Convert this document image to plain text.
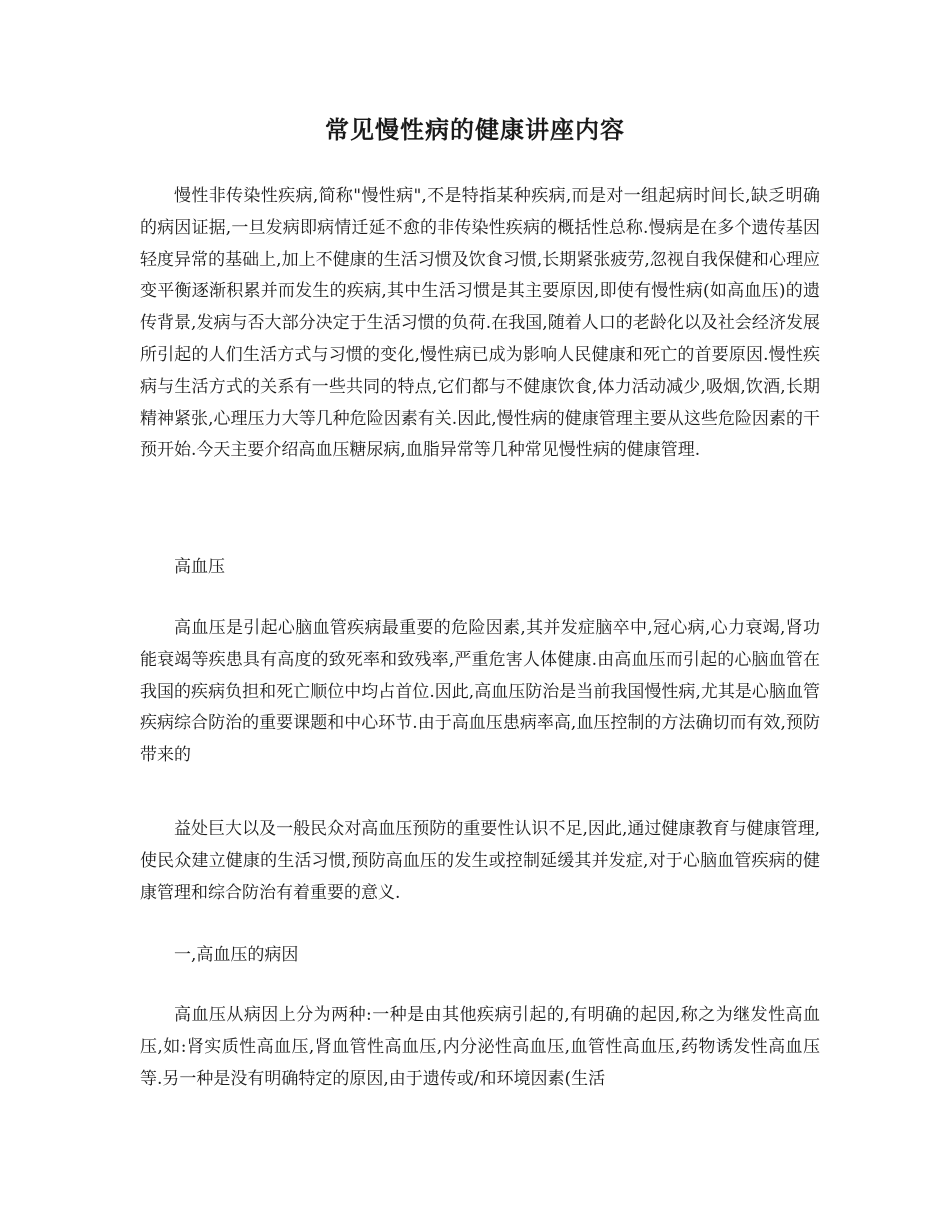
常见慢性病的健康讲座内容

慢性非传染性疾病,简称"慢性病",不是特指某种疾病,而是对一组起病时间长,缺乏明确的病因证据,一旦发病即病情迁延不愈的非传染性疾病的概括性总称.慢病是在多个遗传基因轻度异常的基础上,加上不健康的生活习惯及饮食习惯,长期紧张疲劳,忽视自我保健和心理应变平衡逐渐积累并而发生的疾病,其中生活习惯是其主要原因,即使有慢性病(如高血压)的遗传背景,发病与否大部分决定于生活习惯的负荷.在我国,随着人口的老龄化以及社会经济发展所引起的人们生活方式与习惯的变化,慢性病已成为影响人民健康和死亡的首要原因.慢性疾病与生活方式的关系有一些共同的特点,它们都与不健康饮食,体力活动减少,吸烟,饮酒,长期精神紧张,心理压力大等几种危险因素有关.因此,慢性病的健康管理主要从这些危险因素的干预开始.今天主要介绍高血压糖尿病,血脂异常等几种常见慢性病的健康管理.

高血压

高血压是引起心脑血管疾病最重要的危险因素,其并发症脑卒中,冠心病,心力衰竭,肾功能衰竭等疾患具有高度的致死率和致残率,严重危害人体健康.由高血压而引起的心脑血管在我国的疾病负担和死亡顺位中均占首位.因此,高血压防治是当前我国慢性病,尤其是心脑血管疾病综合防治的重要课题和中心环节.由于高血压患病率高,血压控制的方法确切而有效,预防带来的

益处巨大以及一般民众对高血压预防的重要性认识不足,因此,通过健康教育与健康管理,使民众建立健康的生活习惯,预防高血压的发生或控制延缓其并发症,对于心脑血管疾病的健康管理和综合防治有着重要的意义.

一,高血压的病因

高血压从病因上分为两种:一种是由其他疾病引起的,有明确的起因,称之为继发性高血压,如:肾实质性高血压,肾血管性高血压,内分泌性高血压,血管性高血压,药物诱发性高血压等.另一种是没有明确特定的原因,由于遗传或/和环境因素(生活
